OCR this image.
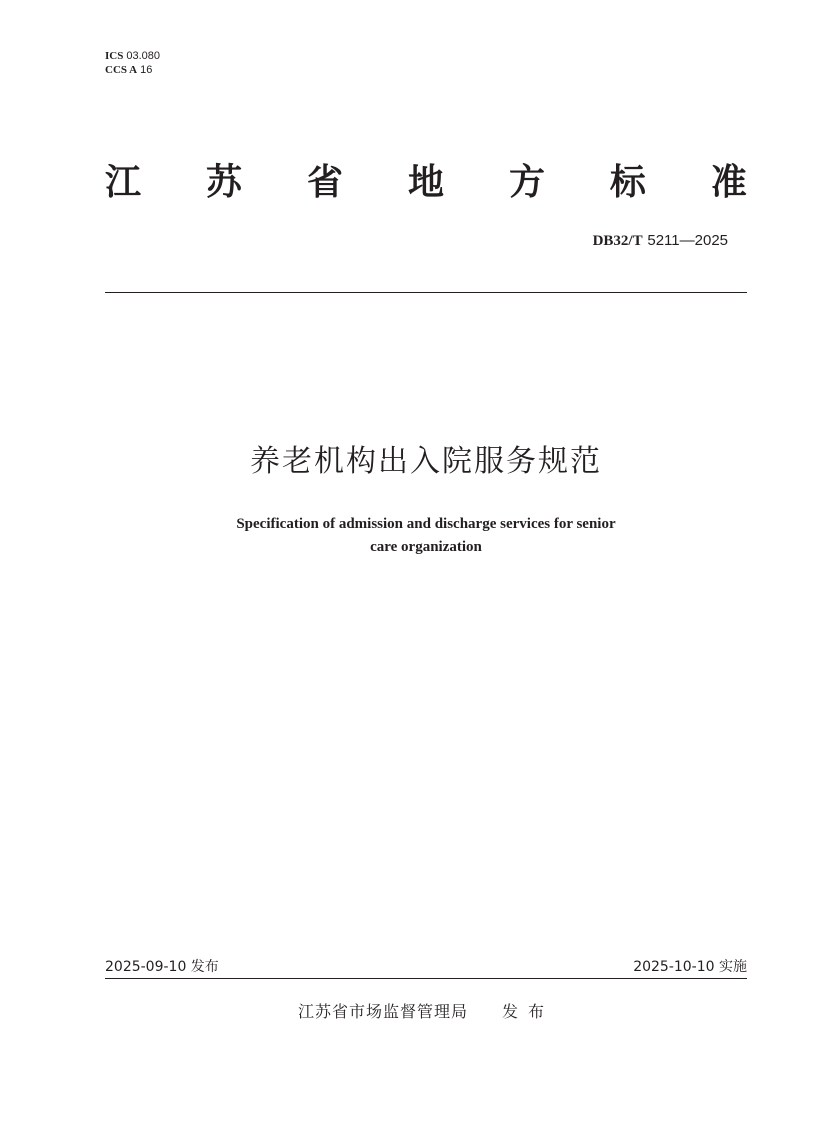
ICS 03.080
CCS A 16
江 苏 省 地 方 标 准
DB32/T 5211—2025
养老机构出入院服务规范
Specification of admission and discharge services for senior
care organization
2025-09-10 发布	2025-10-10 实施
江苏省市场监督管理局 发布
